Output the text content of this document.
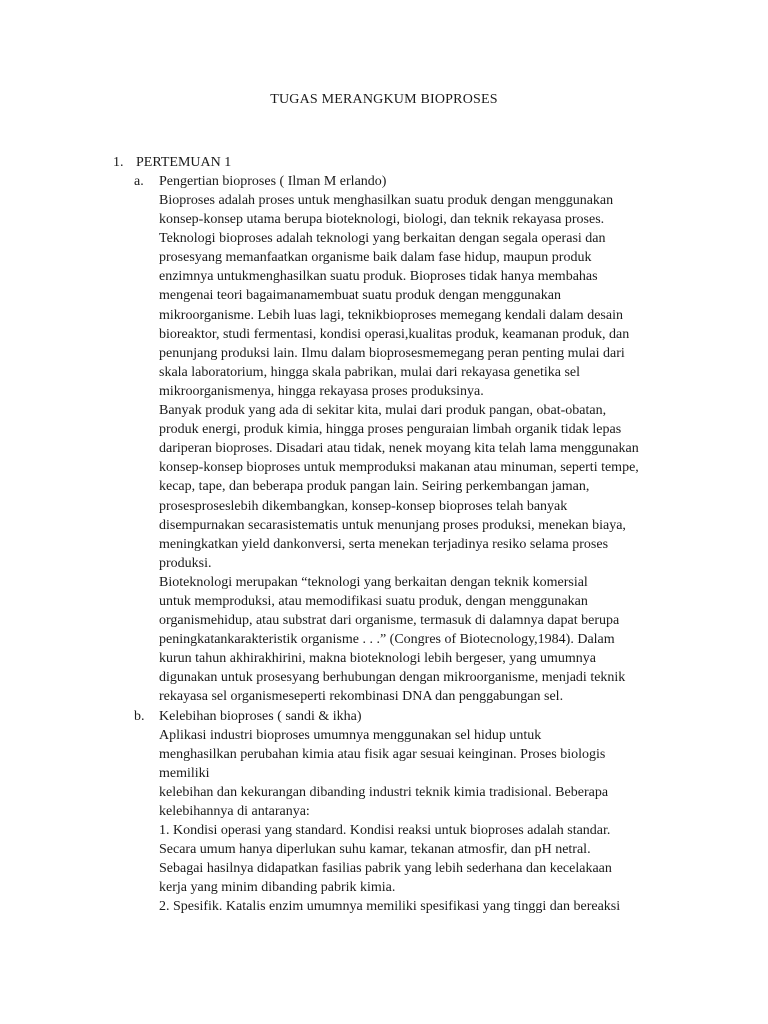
TUGAS MERANGKUM BIOPROSES
1. PERTEMUAN 1
a. Pengertian bioproses ( Ilman M erlando)
Bioproses adalah proses untuk menghasilkan suatu produk dengan menggunakan
konsep-konsep utama berupa bioteknologi, biologi, dan teknik rekayasa proses.
Teknologi bioproses adalah teknologi yang berkaitan dengan segala operasi dan
prosesyang memanfaatkan organisme baik dalam fase hidup, maupun produk
enzimnya untukmenghasilkan suatu produk. Bioproses tidak hanya membahas
mengenai teori bagaimanamembuat suatu produk dengan menggunakan
mikroorganisme. Lebih luas lagi, teknikbioproses memegang kendali dalam desain
bioreaktor, studi fermentasi, kondisi operasi,kualitas produk, keamanan produk, dan
penunjang produksi lain. Ilmu dalam bioprosesmemegang peran penting mulai dari
skala laboratorium, hingga skala pabrikan, mulai dari rekayasa genetika sel
mikroorganismenya, hingga rekayasa proses produksinya.
Banyak produk yang ada di sekitar kita, mulai dari produk pangan, obat-obatan,
produk energi, produk kimia, hingga proses penguraian limbah organik tidak lepas
dariperan bioproses. Disadari atau tidak, nenek moyang kita telah lama menggunakan
konsep-konsep bioproses untuk memproduksi makanan atau minuman, seperti tempe,
kecap, tape, dan beberapa produk pangan lain. Seiring perkembangan jaman,
prosesproseslebih dikembangkan, konsep-konsep bioproses telah banyak
disempurnakan secarasistematis untuk menunjang proses produksi, menekan biaya,
meningkatkan yield dankonversi, serta menekan terjadinya resiko selama proses
produksi.
Bioteknologi merupakan “teknologi yang berkaitan dengan teknik komersial
untuk memproduksi, atau memodifikasi suatu produk, dengan menggunakan
organismehidup, atau substrat dari organisme, termasuk di dalamnya dapat berupa
peningkatankarakteristik organisme . . .” (Congres of Biotecnology,1984). Dalam
kurun tahun akhirakhirini, makna bioteknologi lebih bergeser, yang umumnya
digunakan untuk prosesyang berhubungan dengan mikroorganisme, menjadi teknik
rekayasa sel organismeseperti rekombinasi DNA dan penggabungan sel.
b. Kelebihan bioproses ( sandi & ikha)
Aplikasi industri bioproses umumnya menggunakan sel hidup untuk
menghasilkan perubahan kimia atau fisik agar sesuai keinginan. Proses biologis
memiliki
kelebihan dan kekurangan dibanding industri teknik kimia tradisional. Beberapa
kelebihannya di antaranya:
1. Kondisi operasi yang standard. Kondisi reaksi untuk bioproses adalah standar.
Secara umum hanya diperlukan suhu kamar, tekanan atmosfir, dan pH netral.
Sebagai hasilnya didapatkan fasilias pabrik yang lebih sederhana dan kecelakaan
kerja yang minim dibanding pabrik kimia.
2. Spesifik. Katalis enzim umumnya memiliki spesifikasi yang tinggi dan bereaksi
